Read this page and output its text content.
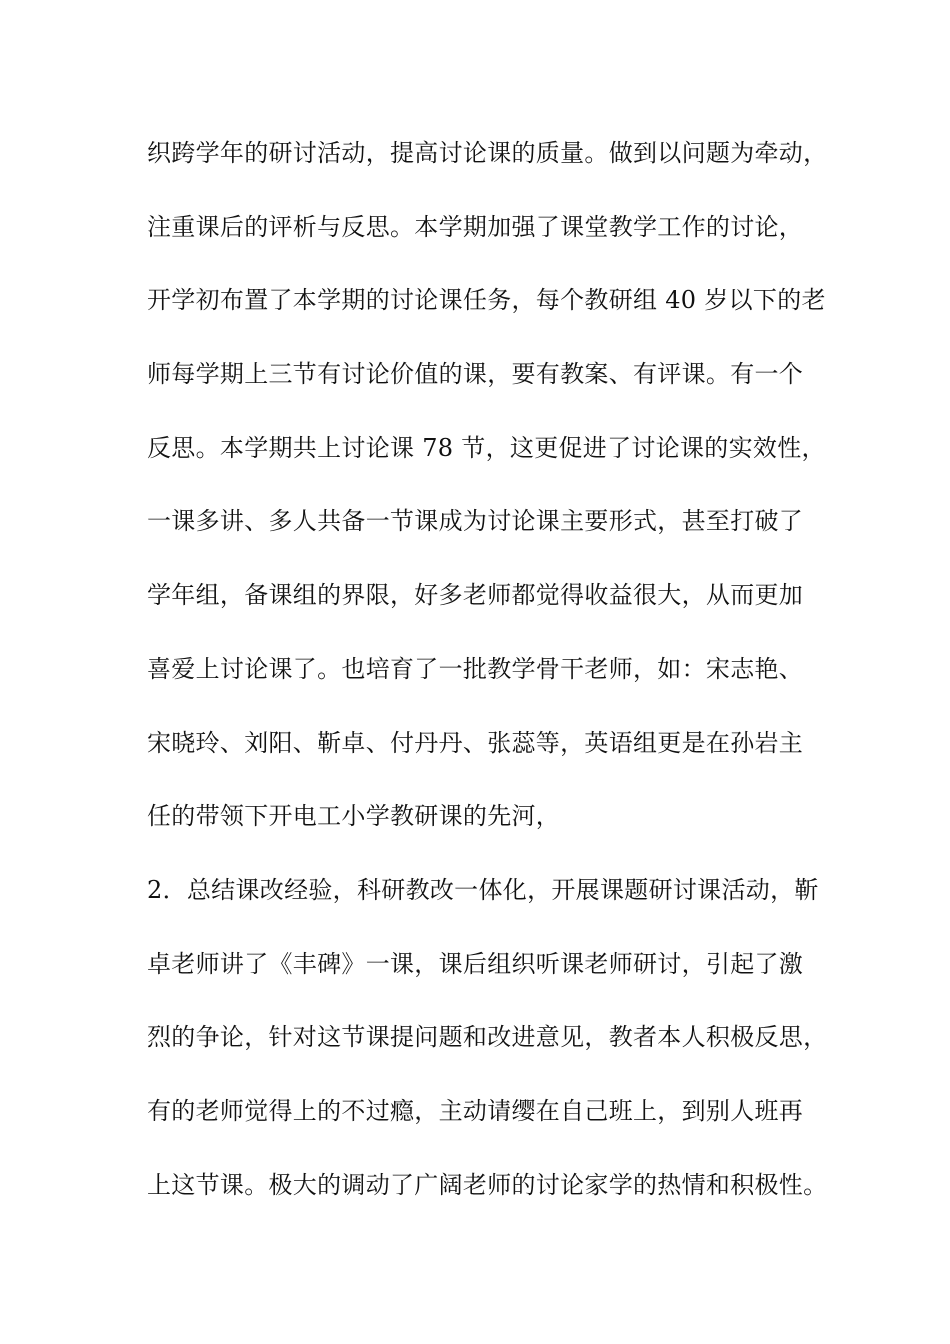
织跨学年的研讨活动，提高讨论课的质量。做到以问题为牵动，
注重课后的评析与反思。本学期加强了课堂教学工作的讨论，
开学初布置了本学期的讨论课任务，每个教研组 40 岁以下的老
师每学期上三节有讨论价值的课，要有教案、有评课。有一个
反思。本学期共上讨论课 78 节，这更促进了讨论课的实效性，
一课多讲、多人共备一节课成为讨论课主要形式，甚至打破了
学年组，备课组的界限，好多老师都觉得收益很大，从而更加
喜爱上讨论课了。也培育了一批教学骨干老师，如：宋志艳、
宋晓玲、刘阳、靳卓、付丹丹、张蕊等，英语组更是在孙岩主
任的带领下开电工小学教研课的先河，
2．总结课改经验，科研教改一体化，开展课题研讨课活动，靳
卓老师讲了《丰碑》一课，课后组织听课老师研讨，引起了激
烈的争论，针对这节课提问题和改进意见，教者本人积极反思，
有的老师觉得上的不过瘾，主动请缨在自己班上，到别人班再
上这节课。极大的调动了广阔老师的讨论家学的热情和积极性。
